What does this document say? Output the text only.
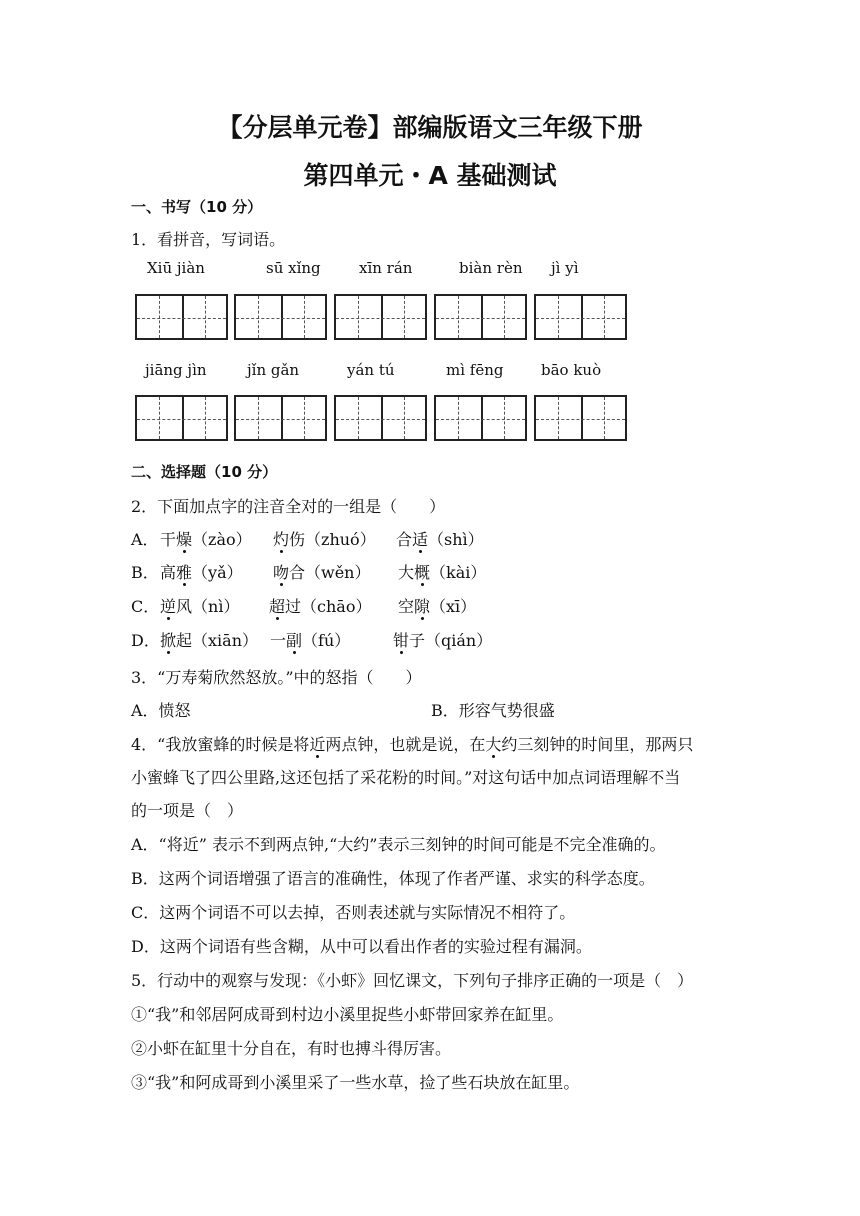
【分层单元卷】部编版语文三年级下册
第四单元・A 基础测试
一、书写（10 分）
1．看拼音，写词语。
Xiū jiàn	sū xǐng	xīn rán	biàn rèn jì yì
jiāng jìn	jǐn gǎn	yán tú	mì fēng	bāo kuò
二、选择题（10 分）
2．下面加点字的注音全对的一组是（　　）
A． 干燥（zào） 灼伤（zhuó） 合适（shì）
B． 高雅（yǎ） 吻合（wěn） 大概（kài）
C． 逆风（nì） 超过（chāo） 空隙（xī）
D． 掀起（xiān） 一副（fú）	钳子（qián）
3．“万寿菊欣然怒放。”中的怒指（　　）
A．愤怒	B．形容气势很盛
4．“我放蜜蜂的时候是将近两点钟，也就是说，在大约三刻钟的时间里，那两只
小蜜蜂飞了四公里路,这还包括了采花粉的时间。”对这句话中加点词语理解不当
的一项是（　）
A．“将近” 表示不到两点钟,“大约”表示三刻钟的时间可能是不完全准确的。
B．这两个词语增强了语言的准确性，体现了作者严谨、求实的科学态度。
C．这两个词语不可以去掉，否则表述就与实际情况不相符了。
D．这两个词语有些含糊，从中可以看出作者的实验过程有漏洞。
5．行动中的观察与发现：《小虾》回忆课文，下列句子排序正确的一项是（　）
①“我”和邻居阿成哥到村边小溪里捉些小虾带回家养在缸里。
②小虾在缸里十分自在，有时也搏斗得厉害。
③“我”和阿成哥到小溪里采了一些水草，捡了些石块放在缸里。
